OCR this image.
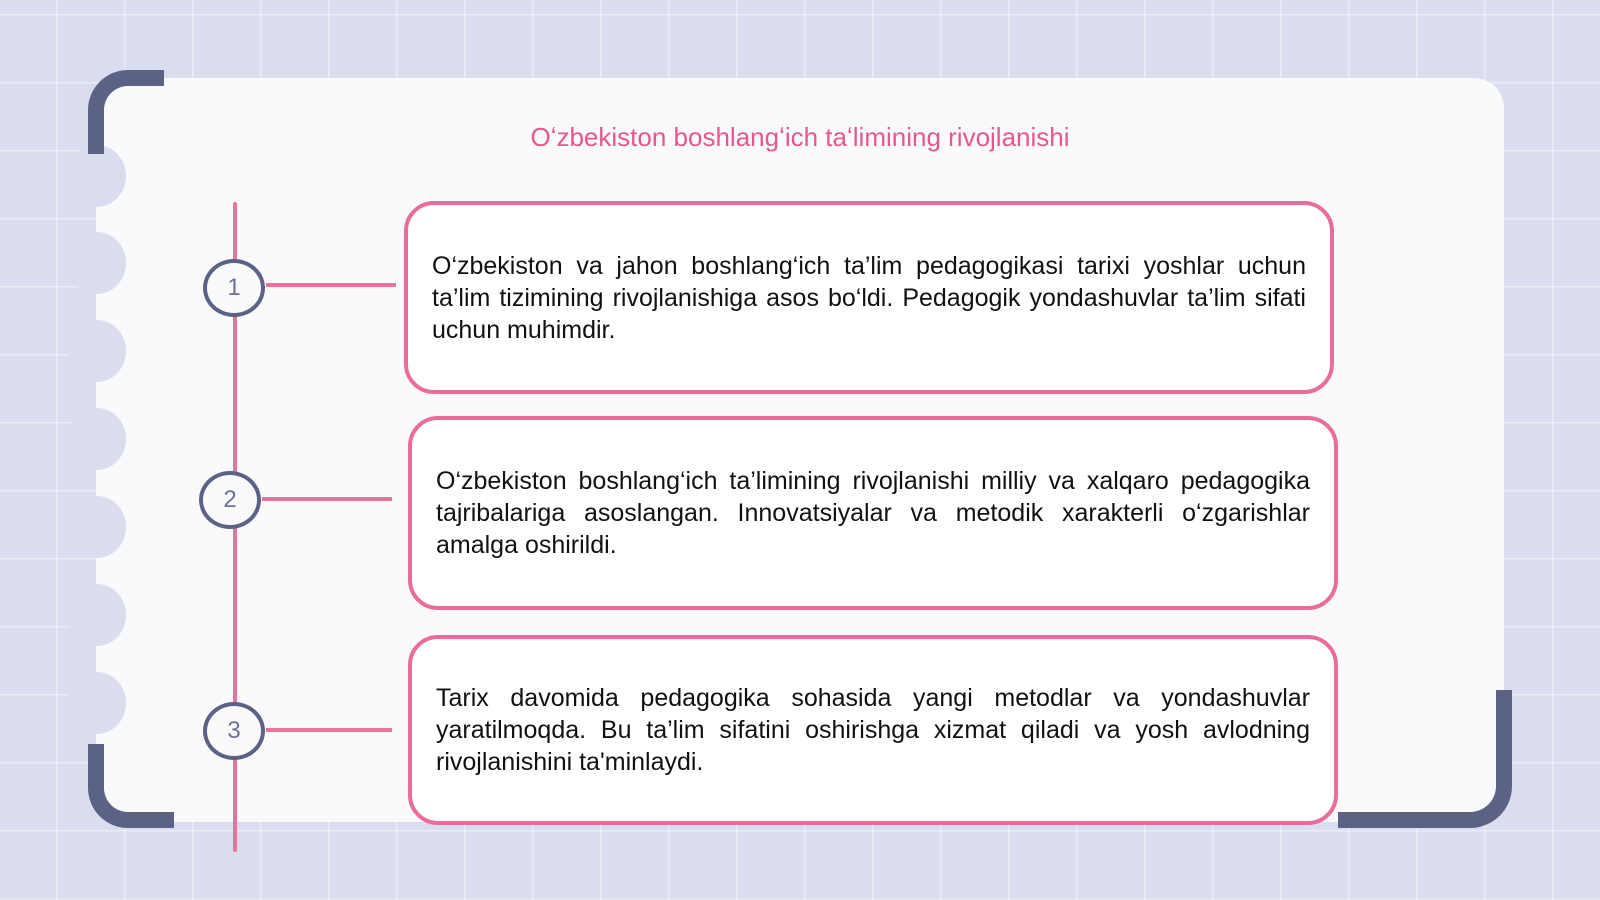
Oʻzbekiston boshlangʻich taʻlimining rivojlanishi
1
2
3

O‘zbekiston va jahon boshlang‘ich ta’lim pedagogikasi tarixi yoshlar uchun ta’lim tizimining rivojlanishiga asos bo‘ldi. Pedagogik yondashuvlar ta’lim sifati uchun muhimdir.

O‘zbekiston boshlang‘ich ta’limining rivojlanishi milliy va xalqaro pedagogika tajribalariga asoslangan. Innovatsiyalar va metodik xarakterli o‘zgarishlar amalga oshirildi.

Tarix davomida pedagogika sohasida yangi metodlar va yondashuvlar yaratilmoqda. Bu ta’lim sifatini oshirishga xizmat qiladi va yosh avlodning rivojlanishini ta'minlaydi.
